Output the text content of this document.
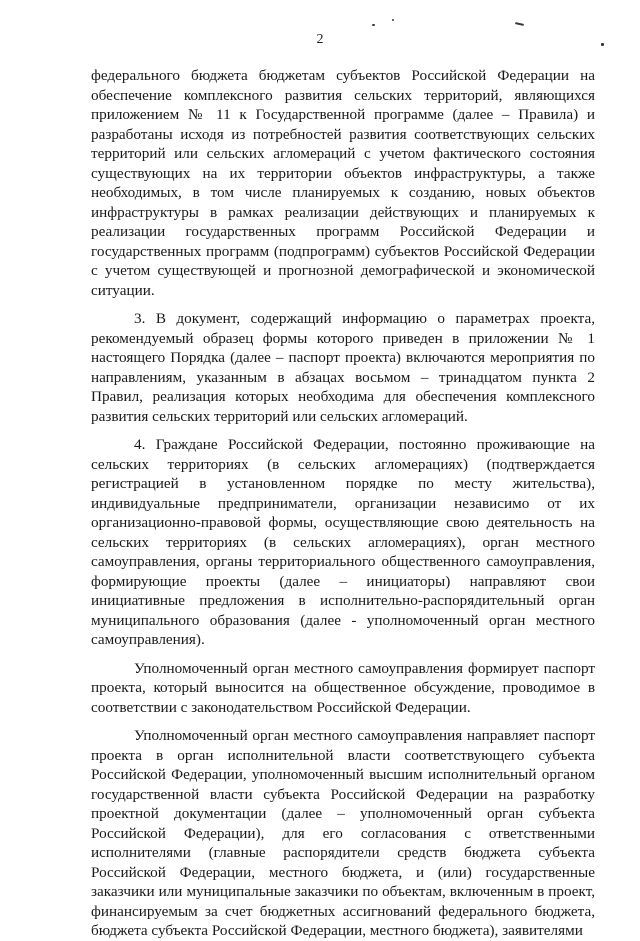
2

федерального бюджета бюджетам субъектов Российской Федерации на обеспечение комплексного развития сельских территорий, являющихся приложением № 11 к Государственной программе (далее – Правила) и разработаны исходя из потребностей развития соответствующих сельских территорий или сельских агломераций с учетом фактического состояния существующих на их территории объектов инфраструктуры, а также необходимых, в том числе планируемых к созданию, новых объектов инфраструктуры в рамках реализации действующих и планируемых к реализации государственных программ Российской Федерации и государственных программ (подпрограмм) субъектов Российской Федерации с учетом существующей и прогнозной демографической и экономической ситуации.

3. В документ, содержащий информацию о параметрах проекта, рекомендуемый образец формы которого приведен в приложении № 1 настоящего Порядка (далее – паспорт проекта) включаются мероприятия по направлениям, указанным в абзацах восьмом – тринадцатом пункта 2 Правил, реализация которых необходима для обеспечения комплексного развития сельских территорий или сельских агломераций.

4. Граждане Российской Федерации, постоянно проживающие на сельских территориях (в сельских агломерациях) (подтверждается регистрацией в установленном порядке по месту жительства), индивидуальные предприниматели, организации независимо от их организационно-правовой формы, осуществляющие свою деятельность на сельских территориях (в сельских агломерациях), орган местного самоуправления, органы территориального общественного самоуправления, формирующие проекты (далее – инициаторы) направляют свои инициативные предложения в исполнительно-распорядительный орган муниципального образования (далее - уполномоченный орган местного самоуправления).

Уполномоченный орган местного самоуправления формирует паспорт проекта, который выносится на общественное обсуждение, проводимое в соответствии с законодательством Российской Федерации.

Уполномоченный орган местного самоуправления направляет паспорт проекта в орган исполнительной власти соответствующего субъекта Российской Федерации, уполномоченный высшим исполнительный органом государственной власти субъекта Российской Федерации на разработку проектной документации (далее – уполномоченный орган субъекта Российской Федерации), для его согласования с ответственными исполнителями (главные распорядители средств бюджета субъекта Российской Федерации, местного бюджета, и (или) государственные заказчики или муниципальные заказчики по объектам, включенным в проект, финансируемым за счет бюджетных ассигнований федерального бюджета, бюджета субъекта Российской Федерации, местного бюджета), заявителями
